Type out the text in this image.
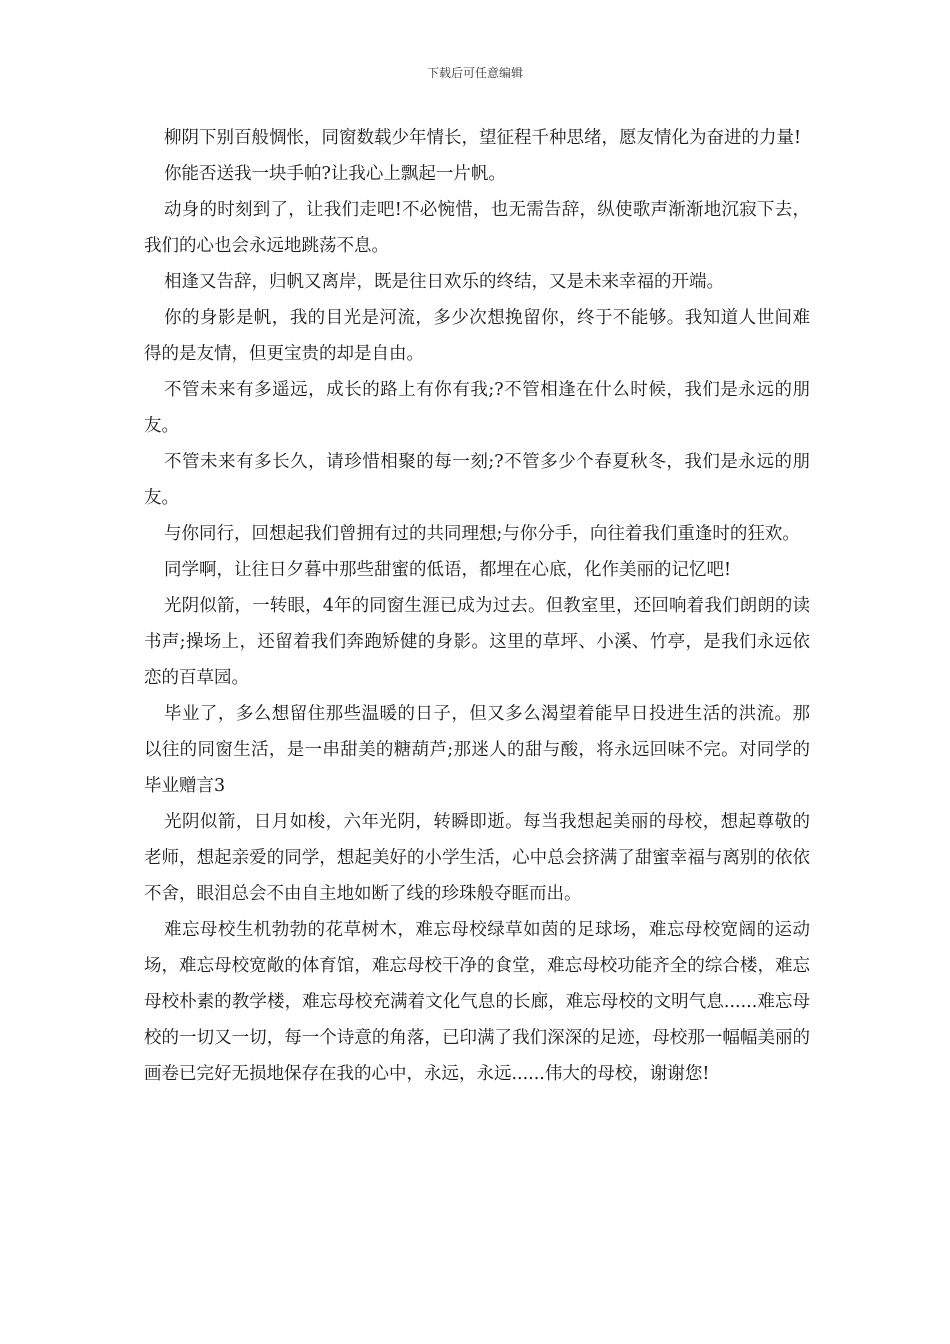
下载后可任意编辑

柳阴下别百般惆怅，同窗数载少年情长，望征程千种思绪，愿友情化为奋进的力量!

你能否送我一块手帕?让我心上飘起一片帆。

动身的时刻到了，让我们走吧!不必惋惜，也无需告辞，纵使歌声渐渐地沉寂下去，我们的心也会永远地跳荡不息。

相逢又告辞，归帆又离岸，既是往日欢乐的终结，又是未来幸福的开端。

你的身影是帆，我的目光是河流，多少次想挽留你，终于不能够。我知道人世间难得的是友情，但更宝贵的却是自由。

不管未来有多遥远，成长的路上有你有我;?不管相逢在什么时候，我们是永远的朋友。

不管未来有多长久，请珍惜相聚的每一刻;?不管多少个春夏秋冬，我们是永远的朋友。

与你同行，回想起我们曾拥有过的共同理想;与你分手，向往着我们重逢时的狂欢。

同学啊，让往日夕暮中那些甜蜜的低语，都埋在心底，化作美丽的记忆吧!

光阴似箭，一转眼，4年的同窗生涯已成为过去。但教室里，还回响着我们朗朗的读书声;操场上，还留着我们奔跑矫健的身影。这里的草坪、小溪、竹亭，是我们永远依恋的百草园。

毕业了，多么想留住那些温暖的日子，但又多么渴望着能早日投进生活的洪流。那以往的同窗生活，是一串甜美的糖葫芦;那迷人的甜与酸，将永远回味不完。对同学的毕业赠言3

光阴似箭，日月如梭，六年光阴，转瞬即逝。每当我想起美丽的母校，想起尊敬的老师，想起亲爱的同学，想起美好的小学生活，心中总会挤满了甜蜜幸福与离别的依依不舍，眼泪总会不由自主地如断了线的珍珠般夺眶而出。

难忘母校生机勃勃的花草树木，难忘母校绿草如茵的足球场，难忘母校宽阔的运动场，难忘母校宽敞的体育馆，难忘母校干净的食堂，难忘母校功能齐全的综合楼，难忘母校朴素的教学楼，难忘母校充满着文化气息的长廊，难忘母校的文明气息......难忘母校的一切又一切，每一个诗意的角落，已印满了我们深深的足迹，母校那一幅幅美丽的画卷已完好无损地保存在我的心中，永远，永远......伟大的母校，谢谢您!
